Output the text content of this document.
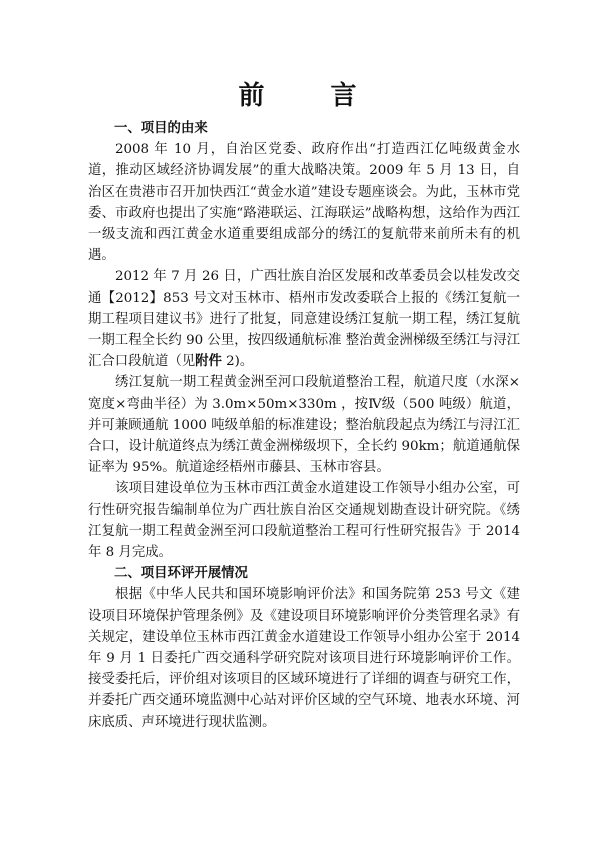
前　言
一、项目的由来

2008 年 10 月，自治区党委、政府作出“打造西江亿吨级黄金水道，推动区域经济协调发展”的重大战略决策。2009 年 5 月 13 日，自治区在贵港市召开加快西江“黄金水道”建设专题座谈会。为此，玉林市党委、市政府也提出了实施“路港联运、江海联运”战略构想，这给作为西江一级支流和西江黄金水道重要组成部分的绣江的复航带来前所未有的机遇。

2012 年 7 月 26 日，广西壮族自治区发展和改革委员会以桂发改交通【2012】853 号文对玉林市、梧州市发改委联合上报的《绣江复航一期工程项目建议书》进行了批复，同意建设绣江复航一期工程，绣江复航一期工程全长约 90 公里，按四级通航标准 整治黄金洲梯级至绣江与浔江汇合口段航道（见附件 2)。

绣江复航一期工程黄金洲至河口段航道整治工程，航道尺度（水深×宽度×弯曲半径）为 3.0m×50m×330m ，按Ⅳ级（500 吨级）航道，并可兼顾通航 1000 吨级单船的标准建设；整治航段起点为绣江与浔江汇合口，设计航道终点为绣江黄金洲梯级坝下，全长约 90km；航道通航保证率为 95%。航道途经梧州市藤县、玉林市容县。

该项目建设单位为玉林市西江黄金水道建设工作领导小组办公室，可行性研究报告编制单位为广西壮族自治区交通规划勘查设计研究院。《绣江复航一期工程黄金洲至河口段航道整治工程可行性研究报告》于 2014 年 8 月完成。

二、项目环评开展情况

根据《中华人民共和国环境影响评价法》和国务院第 253 号文《建设项目环境保护管理条例》及《建设项目环境影响评价分类管理名录》有关规定，建设单位玉林市西江黄金水道建设工作领导小组办公室于 2014 年 9 月 1 日委托广西交通科学研究院对该项目进行环境影响评价工作。接受委托后，评价组对该项目的区域环境进行了详细的调查与研究工作，并委托广西交通环境监测中心站对评价区域的空气环境、地表水环境、河床底质、声环境进行现状监测。
